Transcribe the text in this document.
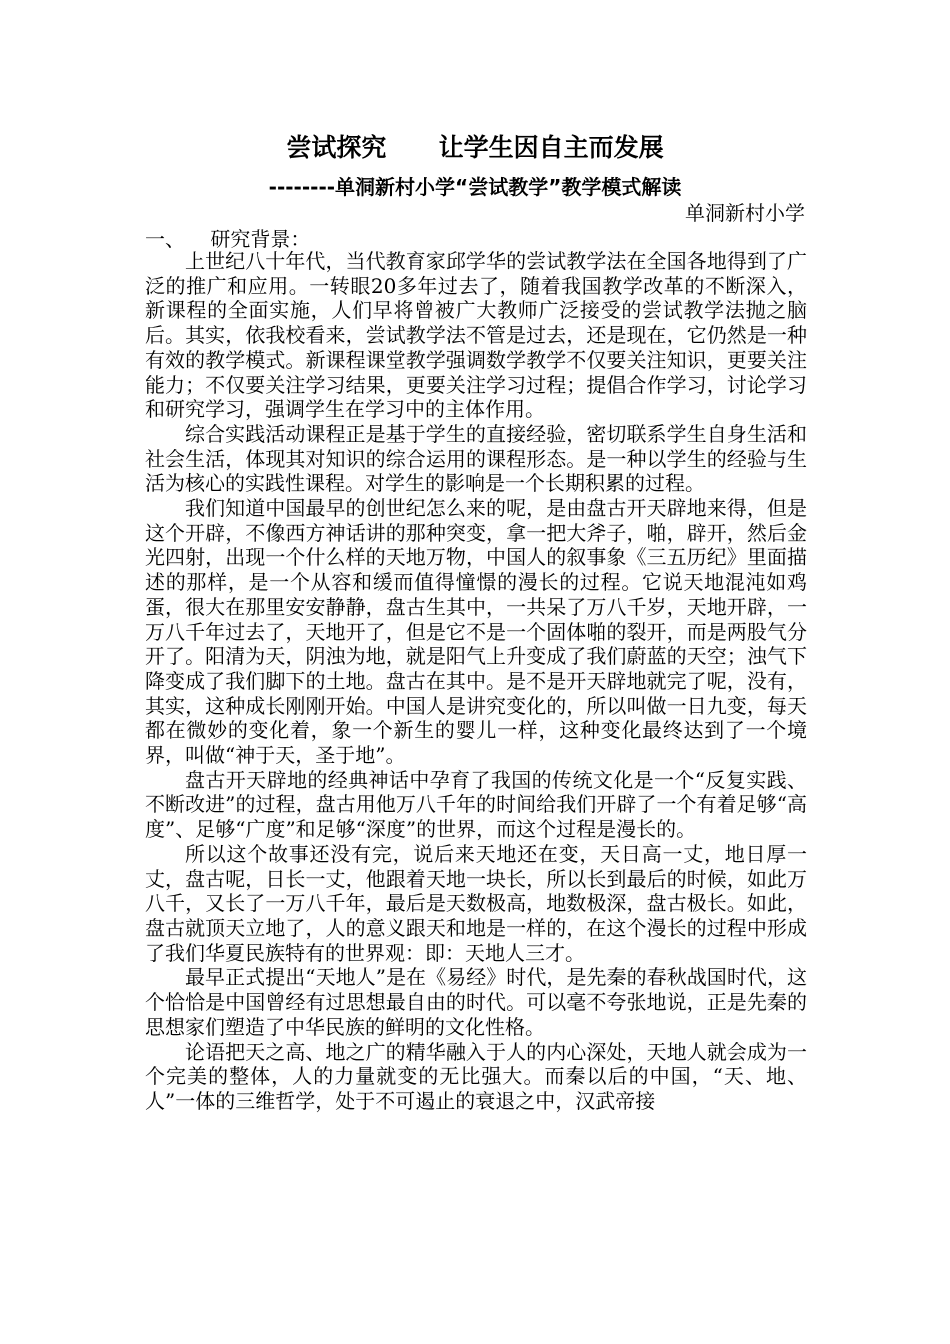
尝试探究      让学生因自主而发展
--------单洞新村小学“尝试教学”教学模式解读

单洞新村小学

一、    研究背景：

上世纪八十年代，当代教育家邱学华的尝试教学法在全国各地得到了广泛的推广和应用。一转眼20多年过去了，随着我国教学改革的不断深入，新课程的全面实施，人们早将曾被广大教师广泛接受的尝试教学法抛之脑后。其实，依我校看来，尝试教学法不管是过去，还是现在，它仍然是一种有效的教学模式。新课程课堂教学强调数学教学不仅要关注知识，更要关注能力；不仅要关注学习结果，更要关注学习过程；提倡合作学习，讨论学习和研究学习，强调学生在学习中的主体作用。

综合实践活动课程正是基于学生的直接经验，密切联系学生自身生活和社会生活，体现其对知识的综合运用的课程形态。是一种以学生的经验与生活为核心的实践性课程。对学生的影响是一个长期积累的过程。

我们知道中国最早的创世纪怎么来的呢，是由盘古开天辟地来得，但是这个开辟，不像西方神话讲的那种突变，拿一把大斧子，啪，辟开，然后金光四射，出现一个什么样的天地万物，中国人的叙事象《三五历纪》里面描述的那样，是一个从容和缓而值得憧憬的漫长的过程。它说天地混沌如鸡蛋，很大在那里安安静静，盘古生其中，一共呆了万八千岁，天地开辟，一万八千年过去了，天地开了，但是它不是一个固体啪的裂开，而是两股气分开了。阳清为天，阴浊为地，就是阳气上升变成了我们蔚蓝的天空；浊气下降变成了我们脚下的土地。盘古在其中。是不是开天辟地就完了呢，没有，其实，这种成长刚刚开始。中国人是讲究变化的，所以叫做一日九变，每天都在微妙的变化着，象一个新生的婴儿一样，这种变化最终达到了一个境界，叫做“神于天，圣于地”。

盘古开天辟地的经典神话中孕育了我国的传统文化是一个“反复实践、不断改进”的过程，盘古用他万八千年的时间给我们开辟了一个有着足够“高度”、足够“广度”和足够“深度”的世界，而这个过程是漫长的。

所以这个故事还没有完，说后来天地还在变，天日高一丈，地日厚一丈，盘古呢，日长一丈，他跟着天地一块长，所以长到最后的时候，如此万八千，又长了一万八千年，最后是天数极高，地数极深，盘古极长。如此，盘古就顶天立地了，人的意义跟天和地是一样的，在这个漫长的过程中形成了我们华夏民族特有的世界观：即：天地人三才。

最早正式提出“天地人”是在《易经》时代，是先秦的春秋战国时代，这个恰恰是中国曾经有过思想最自由的时代。可以毫不夸张地说，正是先秦的思想家们塑造了中华民族的鲜明的文化性格。

论语把天之高、地之广的精华融入于人的内心深处，天地人就会成为一个完美的整体，人的力量就变的无比强大。而秦以后的中国，“天、地、人”一体的三维哲学，处于不可遏止的衰退之中，汉武帝接
